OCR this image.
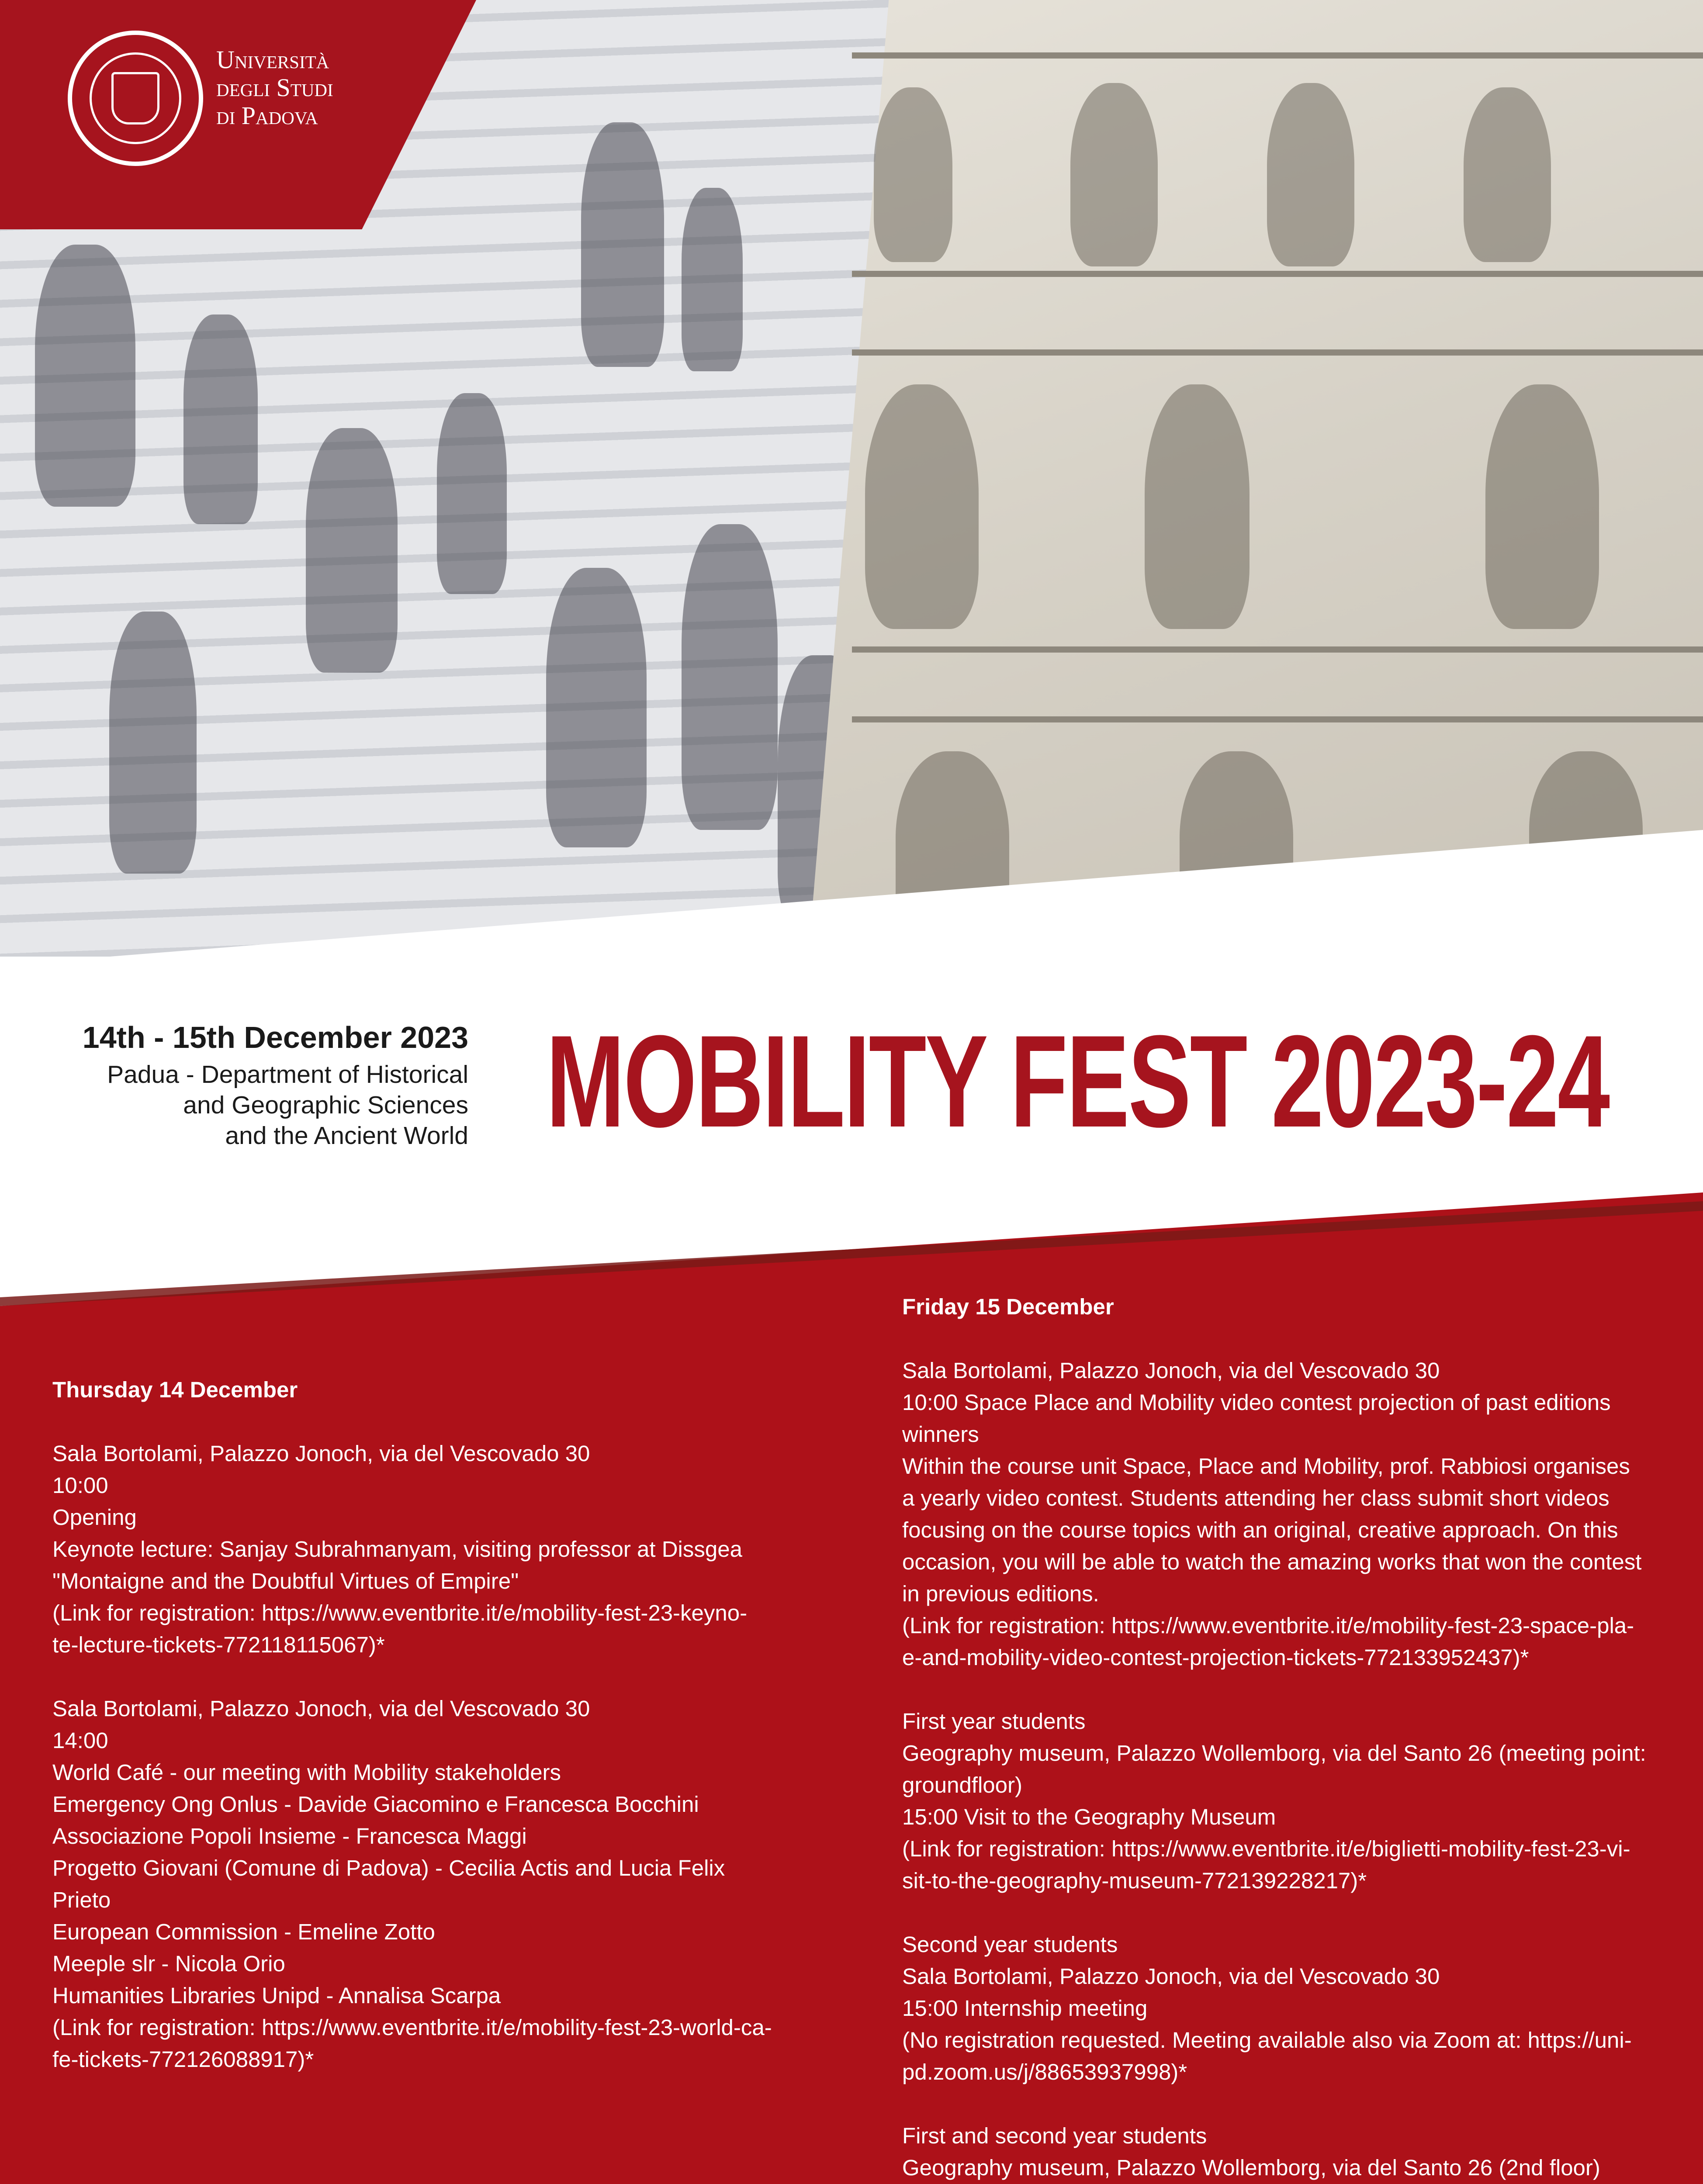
Università
degli Studi
di Padova
14th - 15th December 2023
Padua - Department of Historical
and Geographic Sciences
and the Ancient World MOBILITY FEST 2023-24

Thursday 14 December

Sala Bortolami, Palazzo Jonoch, via del Vescovado 30

10:00

Opening

Keynote lecture: Sanjay Subrahmanyam, visiting professor at Dissgea

"Montaigne and the Doubtful Virtues of Empire"

(Link for registration: https://www.eventbrite.it/e/mobility-fest-23-keyno-

te-lecture-tickets-772118115067)*

Sala Bortolami, Palazzo Jonoch, via del Vescovado 30

14:00

World Café - our meeting with Mobility stakeholders

Emergency Ong Onlus - Davide Giacomino e Francesca Bocchini

Associazione Popoli Insieme - Francesca Maggi

Progetto Giovani (Comune di Padova) - Cecilia Actis and Lucia Felix Prieto

European Commission - Emeline Zotto

Meeple slr - Nicola Orio

Humanities Libraries Unipd - Annalisa Scarpa

(Link for registration: https://www.eventbrite.it/e/mobility-fest-23-world-ca-

fe-tickets-772126088917)*

Friday 15 December

Sala Bortolami, Palazzo Jonoch, via del Vescovado 30

10:00 Space Place and Mobility video contest projection of past editions

winners

Within the course unit Space, Place and Mobility, prof. Rabbiosi organises

a yearly video contest. Students attending her class submit short videos

focusing on the course topics with an original, creative approach. On this

occasion, you will be able to watch the amazing works that won the contest

in previous editions.

(Link for registration: https://www.eventbrite.it/e/mobility-fest-23-space-pla-

e-and-mobility-video-contest-projection-tickets-772133952437)*

First year students

Geography museum, Palazzo Wollemborg, via del Santo 26 (meeting point:

groundfloor)

15:00 Visit to the Geography Museum

(Link for registration: https://www.eventbrite.it/e/biglietti-mobility-fest-23-vi-

sit-to-the-geography-museum-772139228217)*

Second year students

Sala Bortolami, Palazzo Jonoch, via del Vescovado 30

15:00 Internship meeting

(No registration requested. Meeting available also via Zoom at: https://uni-

pd.zoom.us/j/88653937998)*

First and second year students

Geography museum, Palazzo Wollemborg, via del Santo 26 (2nd floor)
